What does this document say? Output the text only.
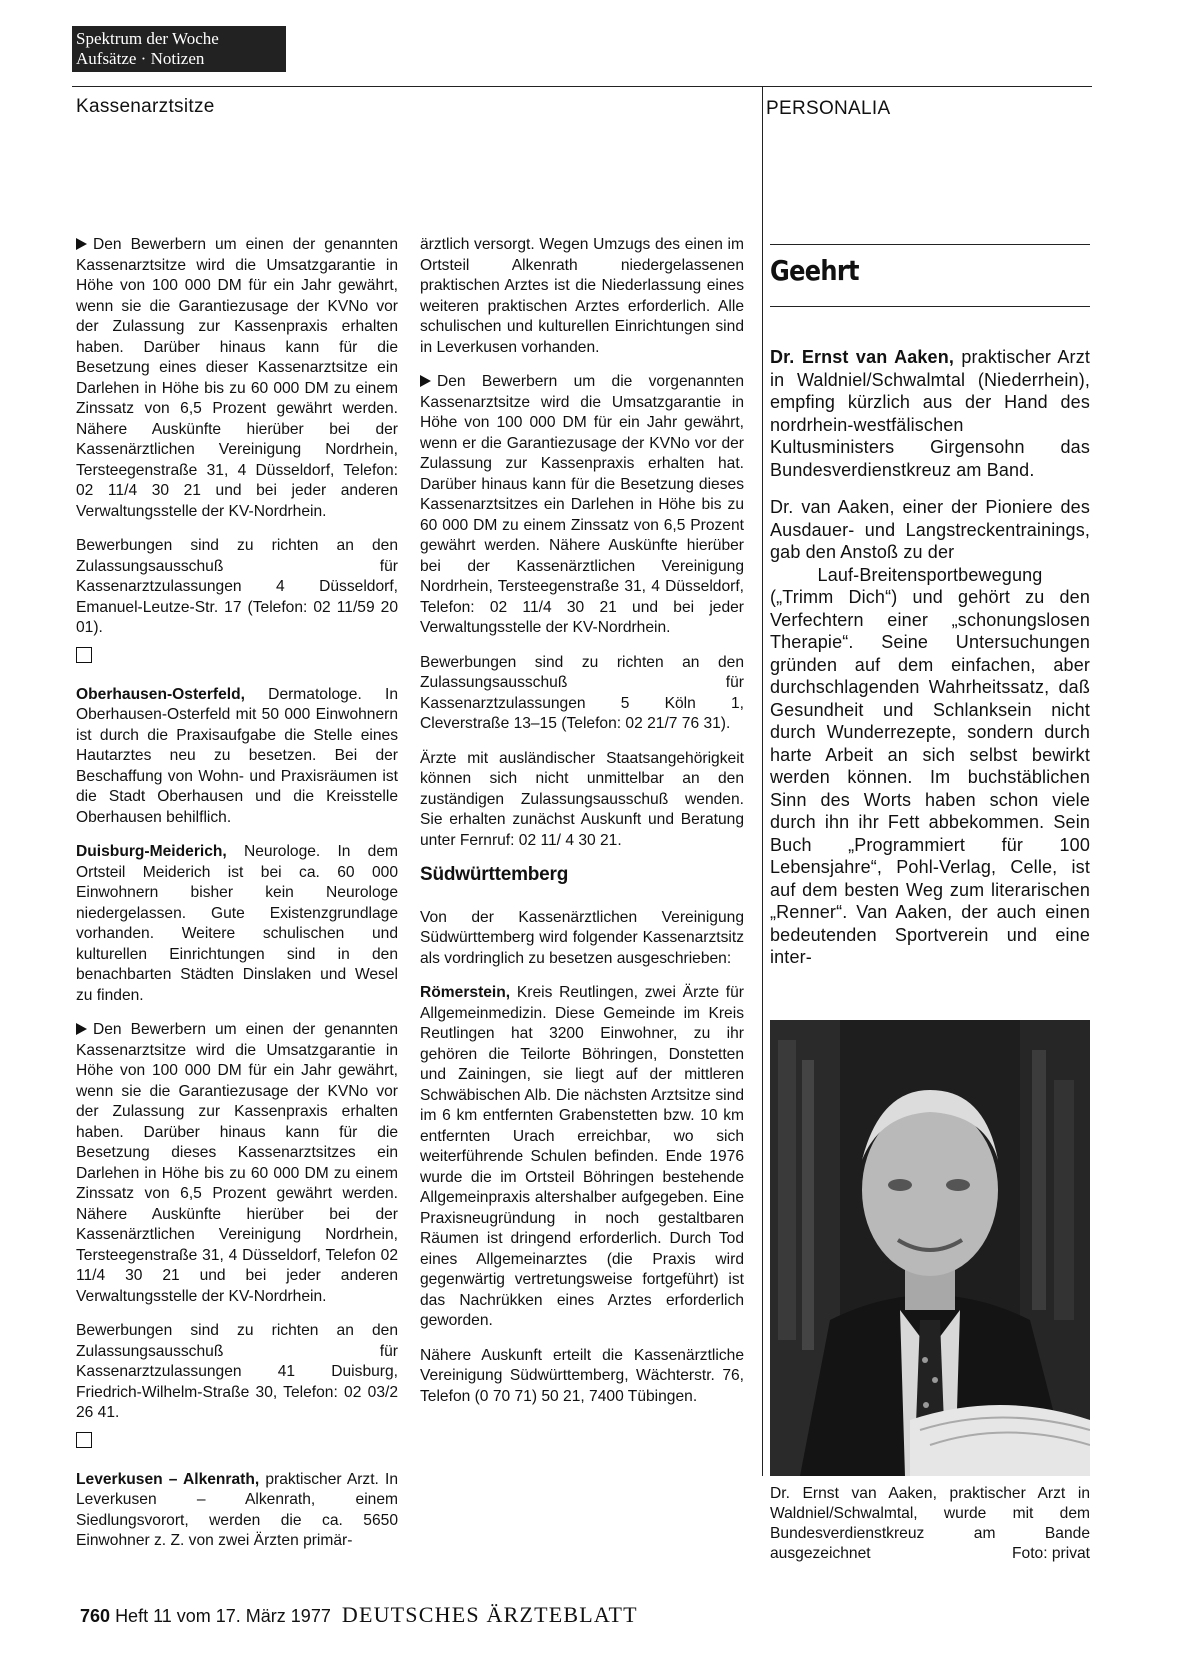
Spektrum der Woche
Aufsätze · Notizen
Kassenarztsitze	PERSONALIA

Den Bewerbern um einen der genannten Kassenarztsitze wird die Umsatzgarantie in Höhe von 100 000 DM für ein Jahr gewährt, wenn sie die Garantiezusage der KVNo vor der Zulassung zur Kassenpraxis erhalten haben. Darüber hinaus kann für die Besetzung eines dieser Kassenarztsitze ein Darlehen in Höhe bis zu 60 000 DM zu einem Zinssatz von 6,5 Prozent gewährt werden. Nähere Auskünfte hierüber bei der Kassenärztlichen Vereinigung Nordrhein, Tersteegenstraße 31, 4 Düsseldorf, Telefon: 02 11/4 30 21 und bei jeder anderen Verwaltungsstelle der KV-Nordrhein.

Bewerbungen sind zu richten an den Zulassungsausschuß für Kassenarztzulassungen 4 Düsseldorf, Emanuel-Leutze-Str. 17 (Telefon: 02 11/59 20 01).

Oberhausen-Osterfeld, Dermatologe. In Oberhausen-Osterfeld mit 50 000 Einwohnern ist durch die Praxisaufgabe die Stelle eines Hautarztes neu zu besetzen. Bei der Beschaffung von Wohn- und Praxisräumen ist die Stadt Oberhausen und die Kreisstelle Oberhausen behilflich.

Duisburg-Meiderich, Neurologe. In dem Ortsteil Meiderich ist bei ca. 60 000 Einwohnern bisher kein Neurologe niedergelassen. Gute Existenzgrundlage vorhanden. Weitere schulischen und kulturellen Einrichtungen sind in den benachbarten Städten Dinslaken und Wesel zu finden.

Den Bewerbern um einen der genannten Kassenarztsitze wird die Umsatzgarantie in Höhe von 100 000 DM für ein Jahr gewährt, wenn sie die Garantiezusage der KVNo vor der Zulassung zur Kassenpraxis erhalten haben. Darüber hinaus kann für die Besetzung dieses Kassenarztsitzes ein Darlehen in Höhe bis zu 60 000 DM zu einem Zinssatz von 6,5 Prozent gewährt werden. Nähere Auskünfte hierüber bei der Kassenärztlichen Vereinigung Nordrhein, Tersteegenstraße 31, 4 Düsseldorf, Telefon 02 11/4 30 21 und bei jeder anderen Verwaltungsstelle der KV-Nordrhein.

Bewerbungen sind zu richten an den Zulassungsausschuß für Kassenarztzulassungen 41 Duisburg, Friedrich-Wilhelm-Straße 30, Telefon: 02 03/2 26 41.

Leverkusen – Alkenrath, praktischer Arzt. In Leverkusen – Alkenrath, einem Siedlungsvorort, werden die ca. 5650 Einwohner z. Z. von zwei Ärzten primär-

ärztlich versorgt. Wegen Umzugs des einen im Ortsteil Alkenrath niedergelassenen praktischen Arztes ist die Niederlassung eines weiteren praktischen Arztes erforderlich. Alle schulischen und kulturellen Einrichtungen sind in Leverkusen vorhanden.

Den Bewerbern um die vorgenannten Kassenarztsitze wird die Umsatzgarantie in Höhe von 100 000 DM für ein Jahr gewährt, wenn er die Garantiezusage der KVNo vor der Zulassung zur Kassenpraxis erhalten hat. Darüber hinaus kann für die Besetzung dieses Kassenarztsitzes ein Darlehen in Höhe bis zu 60 000 DM zu einem Zinssatz von 6,5 Prozent gewährt werden. Nähere Auskünfte hierüber bei der Kassenärztlichen Vereinigung Nordrhein, Tersteegenstraße 31, 4 Düsseldorf, Telefon: 02 11/4 30 21 und bei jeder Verwaltungsstelle der KV-Nordrhein.

Bewerbungen sind zu richten an den Zulassungsausschuß für Kassenarztzulassungen 5 Köln 1, Cleverstraße 13–15 (Telefon: 02 21/7 76 31).

Ärzte mit ausländischer Staatsangehörigkeit können sich nicht unmittelbar an den zuständigen Zulassungsausschuß wenden. Sie erhalten zunächst Auskunft und Beratung unter Fernruf: 02 11/ 4 30 21.

Südwürttemberg

Von der Kassenärztlichen Vereinigung Südwürttemberg wird folgender Kassenarztsitz als vordringlich zu besetzen ausgeschrieben:

Römerstein, Kreis Reutlingen, zwei Ärzte für Allgemeinmedizin. Diese Gemeinde im Kreis Reutlingen hat 3200 Einwohner, zu ihr gehören die Teilorte Böhringen, Donstetten und Zainingen, sie liegt auf der mittleren Schwäbischen Alb. Die nächsten Arztsitze sind im 6 km entfernten Grabenstetten bzw. 10 km entfernten Urach erreichbar, wo sich weiterführende Schulen befinden. Ende 1976 wurde die im Ortsteil Böhringen bestehende Allgemeinpraxis altershalber aufgegeben. Eine Praxisneugründung in noch gestaltbaren Räumen ist dringend erforderlich. Durch Tod eines Allgemeinarztes (die Praxis wird gegenwärtig vertretungsweise fortgeführt) ist das Nachrükken eines Arztes erforderlich geworden.

Nähere Auskunft erteilt die Kassenärztliche Vereinigung Südwürttemberg, Wächterstr. 76, Telefon (0 70 71) 50 21, 7400 Tübingen.

Geehrt

Dr. Ernst van Aaken, praktischer Arzt in Waldniel/Schwalmtal (Niederrhein), empfing kürzlich aus der Hand des nordrhein-westfälischen Kultusministers Girgensohn das Bundesverdienstkreuz am Band.

Dr. van Aaken, einer der Pioniere des Ausdauer- und Langstreckentrainings, gab den Anstoß zu der

Lauf-Breitensportbewegung

(„Trimm Dich“) und gehört zu den Verfechtern einer „schonungslosen Therapie“. Seine Untersuchungen gründen auf dem einfachen, aber durchschlagenden Wahrheitssatz, daß Gesundheit und Schlanksein nicht durch Wunderrezepte, sondern durch harte Arbeit an sich selbst bewirkt werden können. Im buchstäblichen Sinn des Worts haben schon viele durch ihn ihr Fett abbekommen. Sein Buch „Programmiert für 100 Lebensjahre“, Pohl-Verlag, Celle, ist auf dem besten Weg zum literarischen „Renner“. Van Aaken, der auch einen bedeutenden Sportverein und eine inter-

Dr. Ernst van Aaken, praktischer Arzt in Waldniel/Schwalmtal, wurde mit dem Bundesverdienstkreuz am Bande ausgezeichnet	Foto: privat
760 Heft 11 vom 17. März 1977 DEUTSCHES ÄRZTEBLATT
